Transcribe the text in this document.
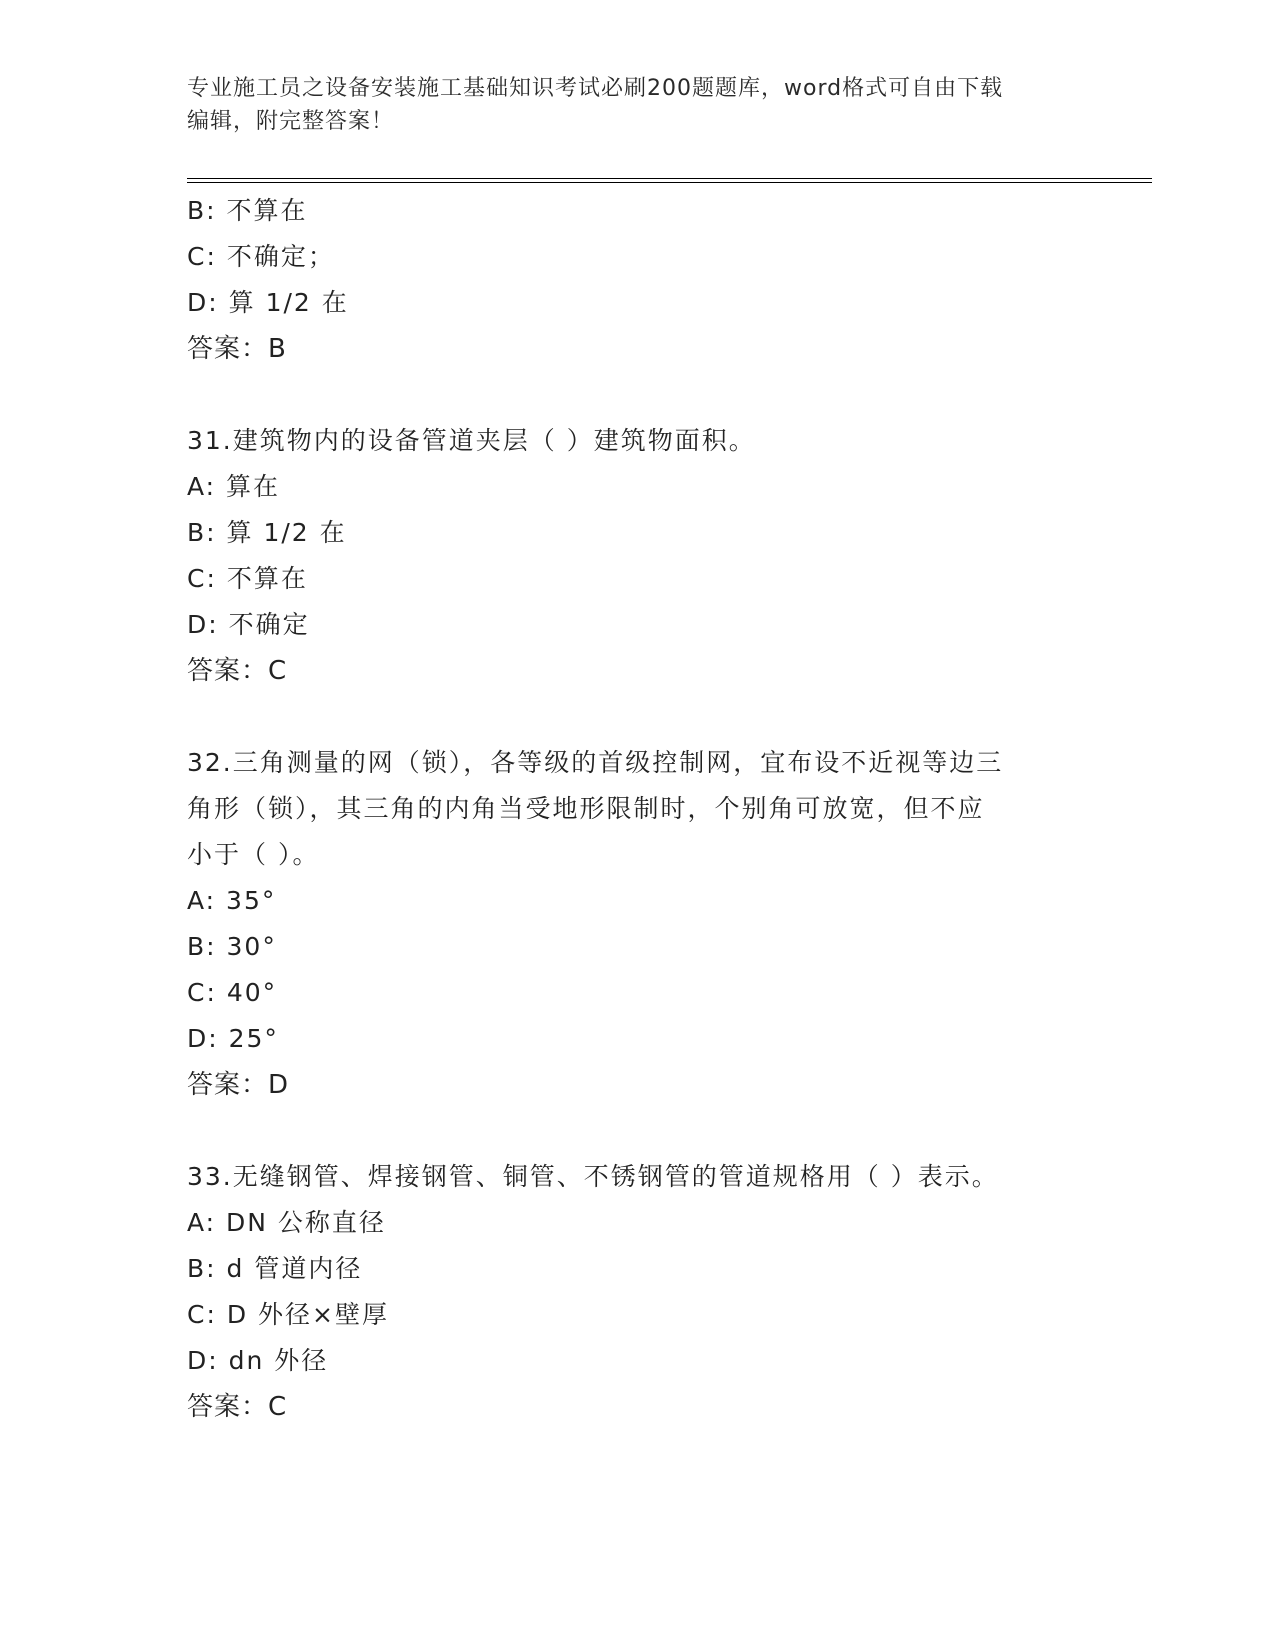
专业施工员之设备安装施工基础知识考试必刷200题题库，word格式可自由下载
编辑，附完整答案！

B: 不算在

C: 不确定；

D: 算 1/2 在

答案：B

31.建筑物内的设备管道夹层（ ）建筑物面积。

A: 算在

B: 算 1/2 在

C: 不算在

D: 不确定

答案：C

32.三角测量的网（锁），各等级的首级控制网，宜布设不近视等边三

角形（锁），其三角的内角当受地形限制时，个别角可放宽，但不应

小于（ ）。

A: 35°

B: 30°

C: 40°

D: 25°

答案：D

33.无缝钢管、焊接钢管、铜管、不锈钢管的管道规格用（ ）表示。

A: DN 公称直径

B: d 管道内径

C: D 外径×壁厚

D: dn 外径

答案：C
